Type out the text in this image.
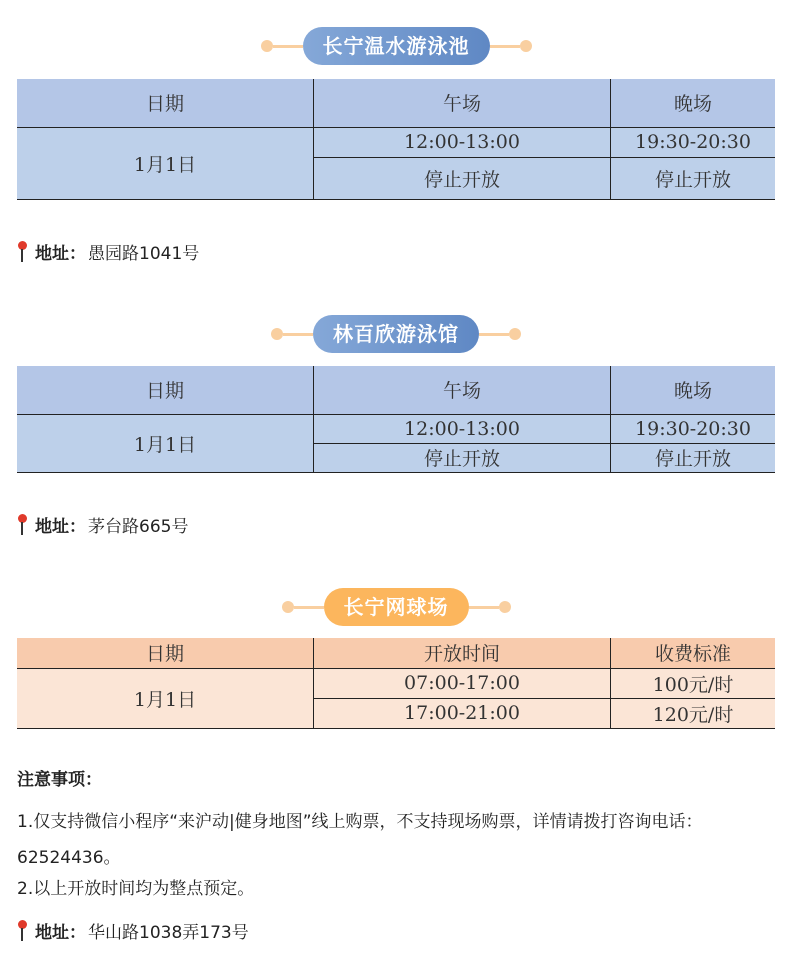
长宁温水游泳池
日期	午场	晚场
1月1日	12:00-13:00	19:30-20:30
	停止开放	停止开放
地址： 愚园路1041号
林百欣游泳馆
日期	午场	晚场
1月1日	12:00-13:00	19:30-20:30
	停止开放	停止开放
地址： 茅台路665号
长宁网球场
日期	开放时间	收费标准
1月1日	07:00-17:00	100元/时
	17:00-21:00	120元/时
注意事项：
1.仅支持微信小程序“来沪动|健身地图”线上购票，不支持现场购票，详情请拨打咨询电话：62524436。
2.以上开放时间均为整点预定。
地址： 华山路1038弄173号
